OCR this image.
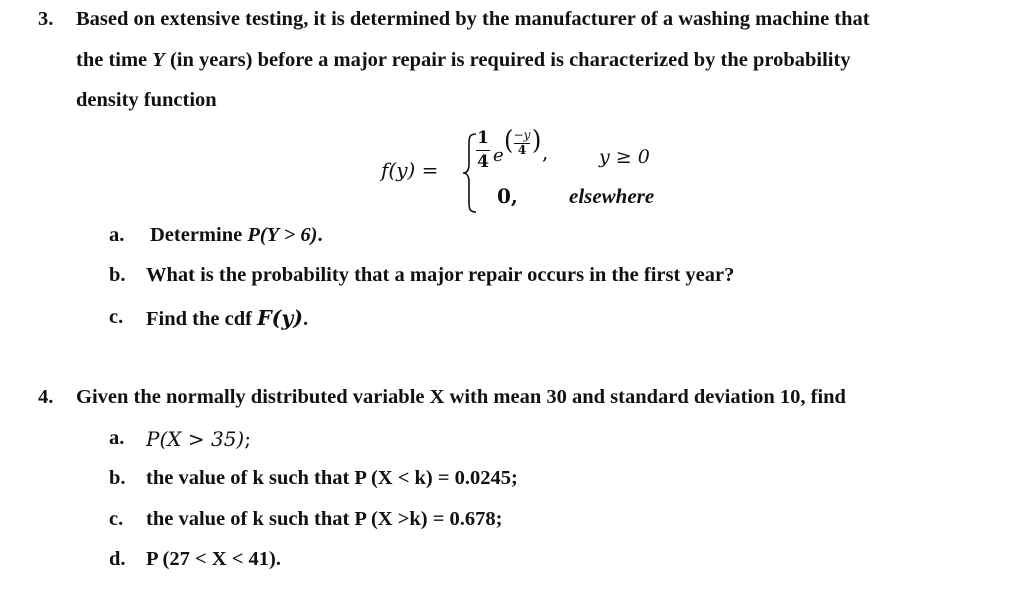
3. Based on extensive testing, it is determined by the manufacturer of a washing machine that
the time Y (in years) before a major repair is required is characterized by the probability
density function
f(y) =
1
4 e
( −y
4 ) ,	y ≥ 0
0, elsewhere
a. Determine P(Y > 6).
b. What is the probability that a major repair occurs in the first year?
c. Find the cdf F(y).
4. Given the normally distributed variable X with mean 30 and standard deviation 10, find
a. P(X > 35);
b. the value of k such that P (X < k) = 0.0245;
c. the value of k such that P (X >k) = 0.678;
d. P (27 < X < 41).
